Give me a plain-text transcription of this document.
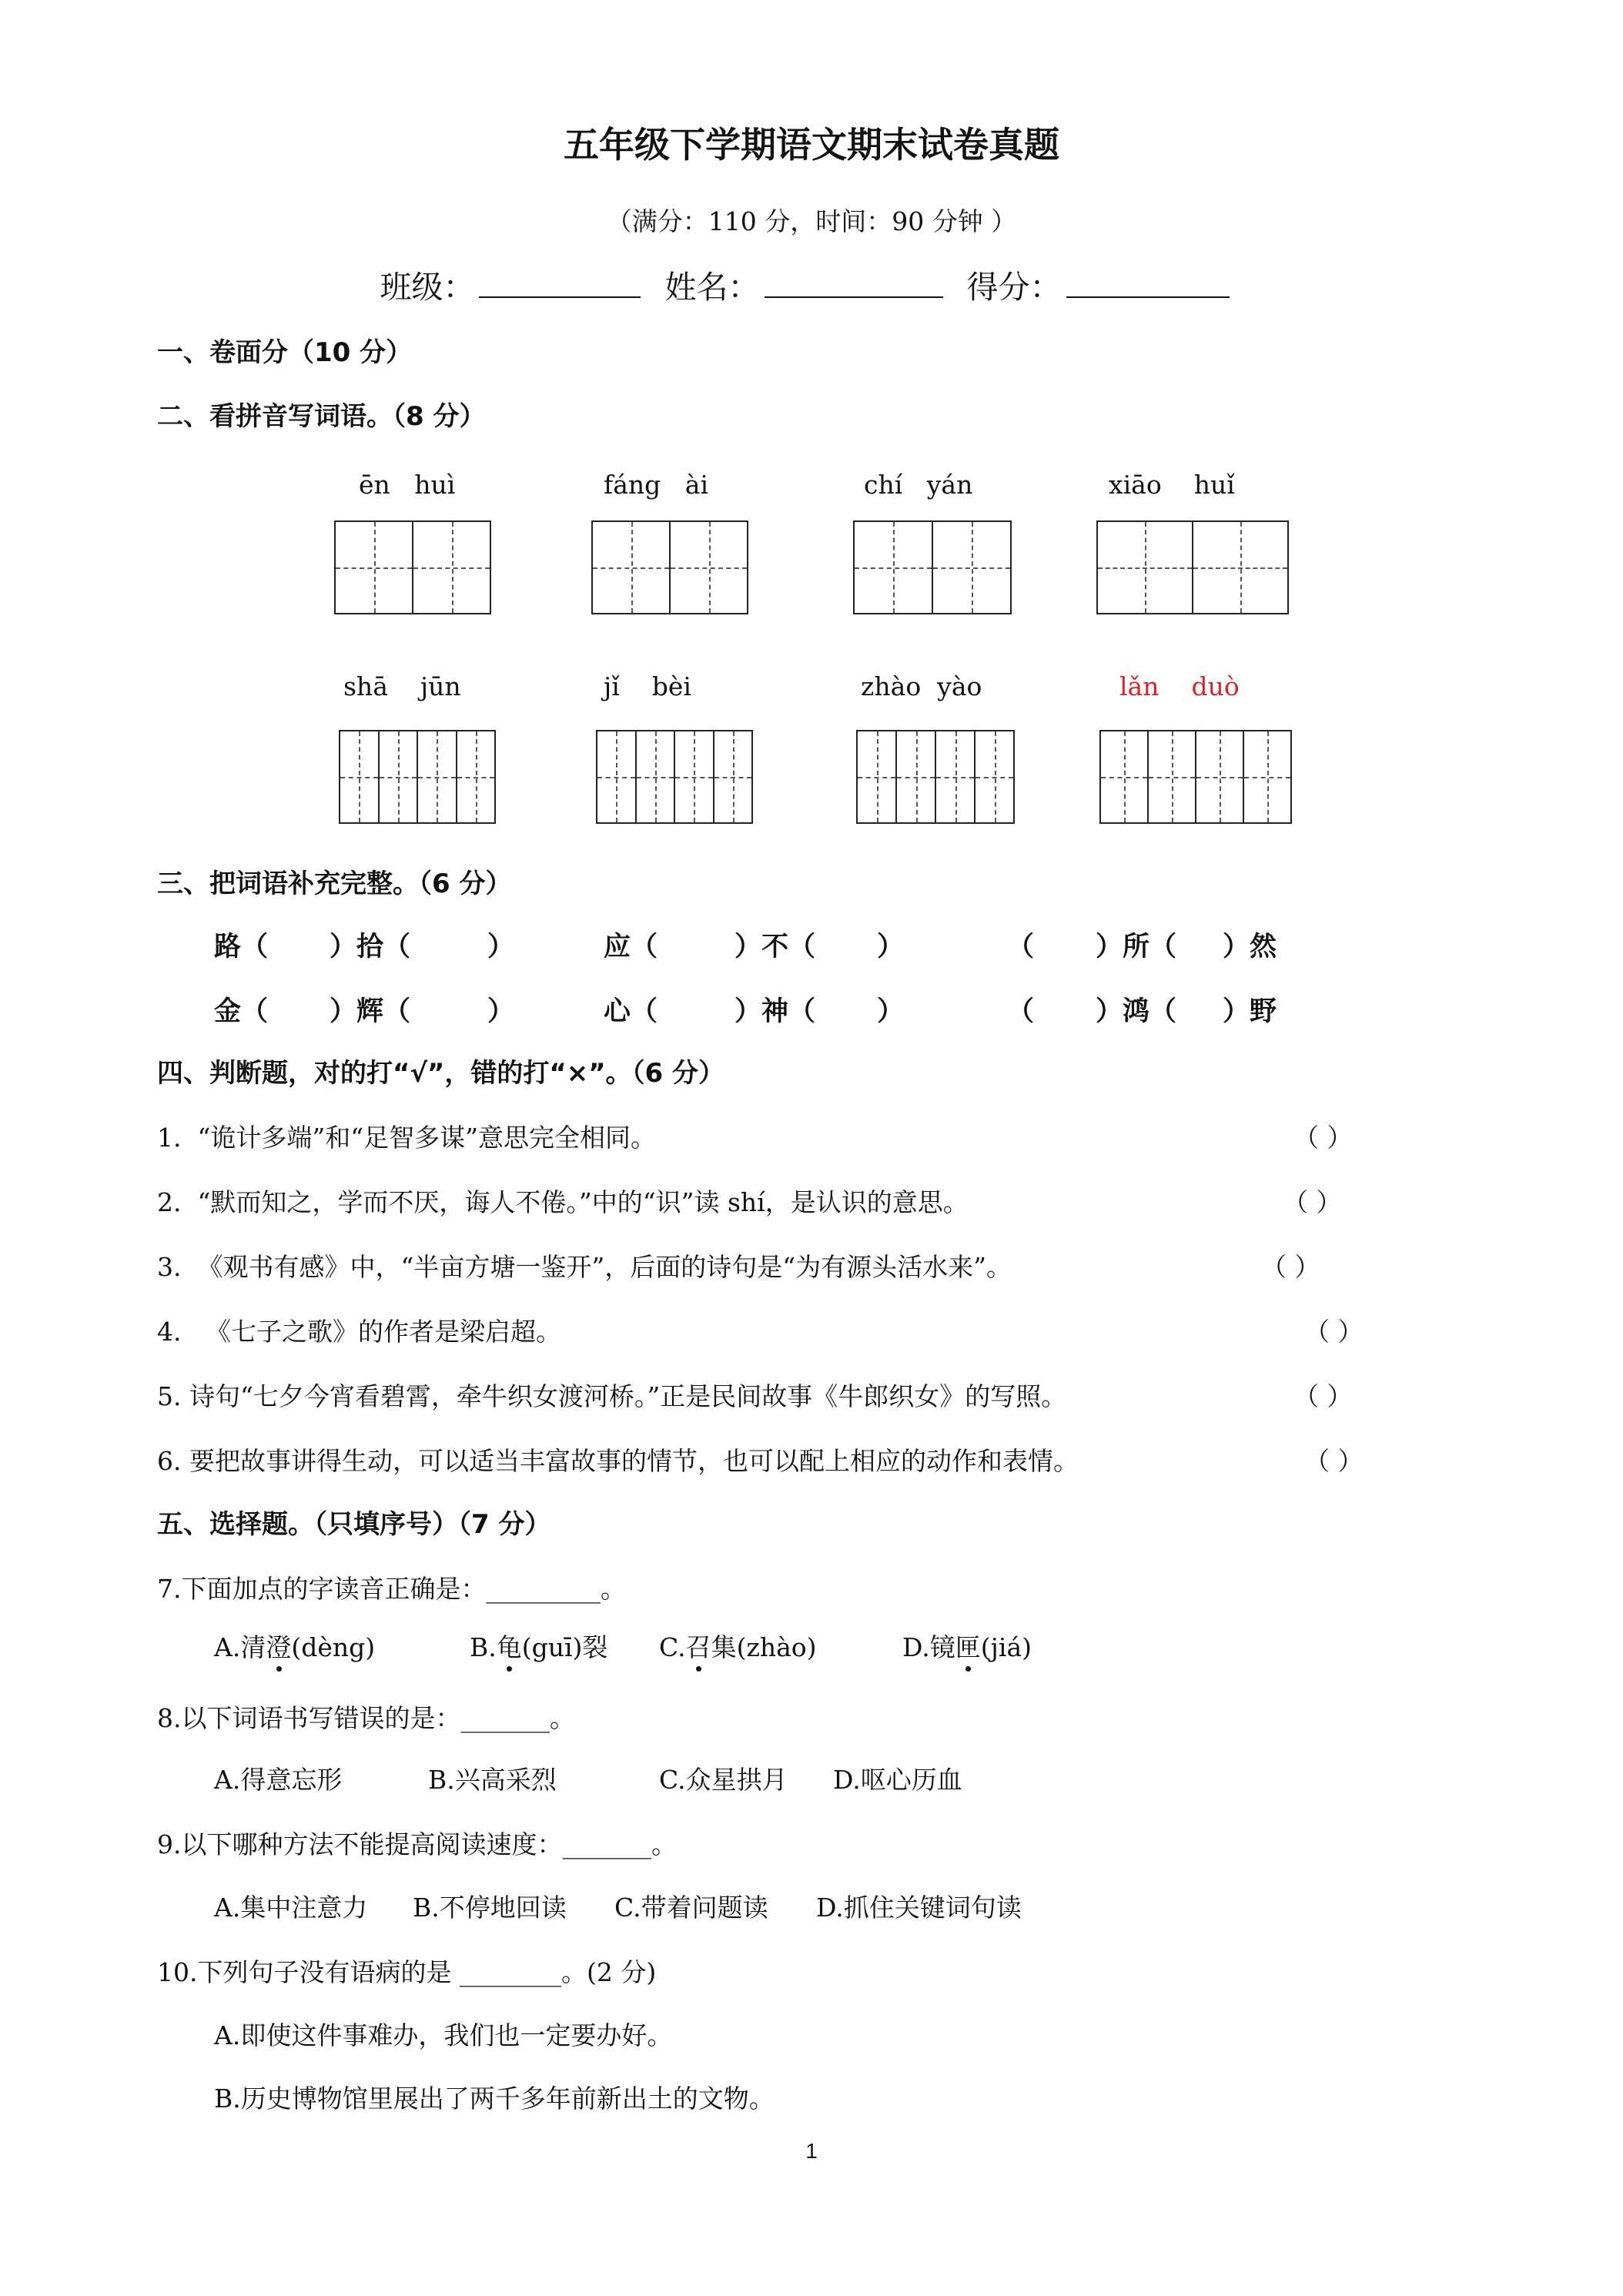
五年级下学期语文期末试卷真题
（满分：110 分，时间：90 分钟 ）
班级：	姓名：	得分：
一、卷面分（10 分）
二、看拼音写词语。（8 分）
ēn huì	fáng ài	chí yán	xiāo huǐ
shā jūn	jǐ bèi	zhào yào	lǎn duò
三、把词语补充完整。（6 分）
路（ ）拾（	）	应（	）不（ ）	（ ）所（ ）然
金（ ）辉（	）	心（	）神（ ）	（ ）鸿（ ）野
四、判断题，对的打“√”，错的打“×”。（6 分）
1. “诡计多端”和“足智多谋”意思完全相同。	（ ）
2. “默而知之，学而不厌，诲人不倦。”中的“识”读 shí，是认识的意思。	（ ）
3. 《观书有感》中，“半亩方塘一鉴开”，后面的诗句是“为有源头活水来”。	（ ）
4. 《七子之歌》的作者是梁启超。	（ ）
5. 诗句“七夕今宵看碧霄，牵牛织女渡河桥。”正是民间故事《牛郎织女》的写照。	（ ）
6. 要把故事讲得生动，可以适当丰富故事的情节，也可以配上相应的动作和表情。	（ ）
五、选择题。（只填序号）（7 分）
7.下面加点的字读音正确是：_________。
A.清澄(dèng)	B.龟(guī)裂 C.召集(zhào)	D.镜匣(jiá)
8.以下词语书写错误的是：_______。
A.得意忘形	B.兴高采烈	C.众星拱月 D.呕心历血
9.以下哪种方法不能提高阅读速度：_______。
A.集中注意力 B.不停地回读 C.带着问题读 D.抓住关键词句读
10.下列句子没有语病的是 ________。(2 分)
A.即使这件事难办，我们也一定要办好。
B.历史博物馆里展出了两千多年前新出土的文物。
1
